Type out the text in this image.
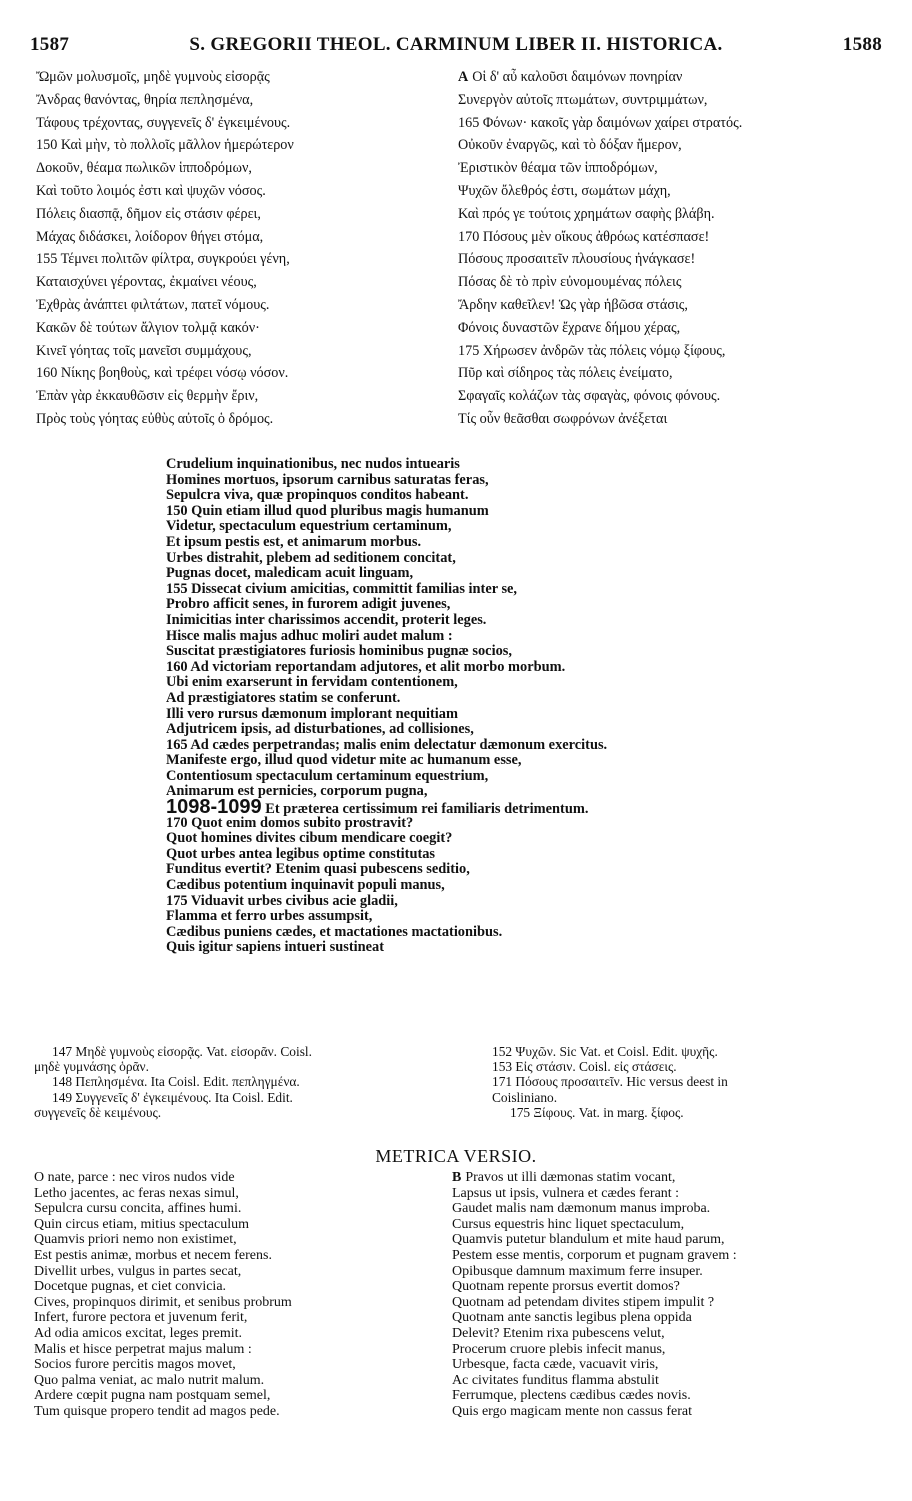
1587	S. GREGORII THEOL. CARMINUM LIBER II. HISTORICA.	1588
Ὤμῶν μολυσμοῖς, μηδὲ γυμνοὺς εἰσορᾷς
Ἄνδρας θανόντας, θηρία πεπλησμένα,
Τάφους τρέχοντας, συγγενεῖς δ' ἐγκειμένους.
150 Καὶ μὴν, τὸ πολλοῖς μᾶλλον ἡμερώτερον
Δοκοῦν, θέαμα πωλικῶν ἱπποδρόμων,
Καὶ τοῦτο λοιμός ἐστι καὶ ψυχῶν νόσος.
Πόλεις διασπᾷ, δῆμον εἰς στάσιν φέρει,
Μάχας διδάσκει, λοίδορον θήγει στόμα,
155 Τέμνει πολιτῶν φίλτρα, συγκρούει γένη,
Καταισχύνει γέροντας, ἐκμαίνει νέους,
Ἐχθρὰς ἀνάπτει φιλτάτων, πατεῖ νόμους.
Κακῶν δὲ τούτων ἄλγιον τολμᾷ κακόν·
Κινεῖ γόητας τοῖς μανεῖσι συμμάχους,
160 Νίκης βοηθοὺς, καὶ τρέφει νόσῳ νόσον.
Ἐπὰν γὰρ ἐκκαυθῶσιν εἰς θερμὴν ἔριν,
Πρὸς τοὺς γόητας εὐθὺς αὐτοῖς ὁ δρόμος.
A Οἱ δ' αὖ καλοῦσι δαιμόνων πονηρίαν
Συνεργὸν αὐτοῖς πτωμάτων, συντριμμάτων,
165 Φόνων· κακοῖς γὰρ δαιμόνων χαίρει στρατός.
Οὐκοῦν ἐναργῶς, καὶ τὸ δόξαν ἥμερον,
Ἐριστικὸν θέαμα τῶν ἱπποδρόμων,
Ψυχῶν ὄλεθρός ἐστι, σωμάτων μάχη,
Καὶ πρός γε τούτοις χρημάτων σαφὴς βλάβη.
170 Πόσους μὲν οἴκους ἀθρόως κατέσπασε!
Πόσους προσαιτεῖν πλουσίους ἠνάγκασε!
Πόσας δὲ τὸ πρὶν εὐνομουμένας πόλεις
Ἄρδην καθεῖλεν! Ὡς γὰρ ἡβῶσα στάσις,
Φόνοις δυναστῶν ἔχρανε δήμου χέρας,
175 Χήρωσεν ἀνδρῶν τὰς πόλεις νόμῳ ξίφους,
Πῦρ καὶ σίδηρος τὰς πόλεις ἐνείματο,
Σφαγαῖς κολάζων τὰς σφαγὰς, φόνοις φόνους.
Τίς οὖν θεᾶσθαι σωφρόνων ἀνέξεται
Crudelium inquinationibus, nec nudos intuearis
Homines mortuos, ipsorum carnibus saturatas feras,
Sepulcra viva, quæ propinquos conditos habeant.
150 Quin etiam illud quod pluribus magis humanum
Videtur, spectaculum equestrium certaminum,
Et ipsum pestis est, et animarum morbus.
Urbes distrahit, plebem ad seditionem concitat,
Pugnas docet, maledicam acuit linguam,
155 Dissecat civium amicitias, committit familias inter se,
Probro afficit senes, in furorem adigit juvenes,
Inimicitias inter charissimos accendit, proterit leges.
Hisce malis majus adhuc moliri audet malum :
Suscitat præstigiatores furiosis hominibus pugnæ socios,
160 Ad victoriam reportandam adjutores, et alit morbo morbum.
Ubi enim exarserunt in fervidam contentionem,
Ad præstigiatores statim se conferunt.
Illi vero rursus dæmonum implorant nequitiam
Adjutricem ipsis, ad disturbationes, ad collisiones,
165 Ad cædes perpetrandas; malis enim delectatur dæmonum exercitus.
Manifeste ergo, illud quod videtur mite ac humanum esse,
Contentiosum spectaculum certaminum equestrium,
Animarum est pernicies, corporum pugna,
1098-1099 Et præterea certissimum rei familiaris detrimentum.
170 Quot enim domos subito prostravit?
Quot homines divites cibum mendicare coegit?
Quot urbes antea legibus optime constitutas
Funditus evertit? Etenim quasi pubescens seditio,
Cædibus potentium inquinavit populi manus,
175 Viduavit urbes civibus acie gladii,
Flamma et ferro urbes assumpsit,
Cædibus puniens cædes, et mactationes mactationibus.
Quis igitur sapiens intueri sustineat
147 Μηδὲ γυμνοὺς εἰσορᾷς. Vat. εἰσορᾶν. Coisl.
μηδὲ γυμνάσης ὁρᾶν.
148 Πεπλησμένα. Ita Coisl. Edit. πεπληγμένα.
149 Συγγενεῖς δ' ἐγκειμένους. Ita Coisl. Edit.
συγγενεῖς δὲ κειμένους.
152 Ψυχῶν. Sic Vat. et Coisl. Edit. ψυχῆς.
153 Εἰς στάσιν. Coisl. εἰς στάσεις.
171 Πόσους προσαιτεῖν. Hic versus deest in
Coisliniano.
175 Ξίφους. Vat. in marg. ξίφος.
METRICA VERSIO.
O nate, parce : nec viros nudos vide
Letho jacentes, ac feras nexas simul,
Sepulcra cursu concita, affines humi.
Quin circus etiam, mitius spectaculum
Quamvis priori nemo non existimet,
Est pestis animæ, morbus et necem ferens.
Divellit urbes, vulgus in partes secat,
Docetque pugnas, et ciet convicia.
Cives, propinquos dirimit, et senibus probrum
Infert, furore pectora et juvenum ferit,
Ad odia amicos excitat, leges premit.
Malis et hisce perpetrat majus malum :
Socios furore percitis magos movet,
Quo palma veniat, ac malo nutrit malum.
Ardere cœpit pugna nam postquam semel,
Tum quisque propero tendit ad magos pede.
B Pravos ut illi dæmonas statim vocant,
Lapsus ut ipsis, vulnera et cædes ferant :
Gaudet malis nam dæmonum manus improba.
Cursus equestris hinc liquet spectaculum,
Quamvis putetur blandulum et mite haud parum,
Pestem esse mentis, corporum et pugnam gravem :
Opibusque damnum maximum ferre insuper.
Quotnam repente prorsus evertit domos?
Quotnam ad petendam divites stipem impulit ?
Quotnam ante sanctis legibus plena oppida
Delevit? Etenim rixa pubescens velut,
Procerum cruore plebis infecit manus,
Urbesque, facta cæde, vacuavit viris,
Ac civitates funditus flamma abstulit
Ferrumque, plectens cædibus cædes novis.
Quis ergo magicam mente non cassus ferat
